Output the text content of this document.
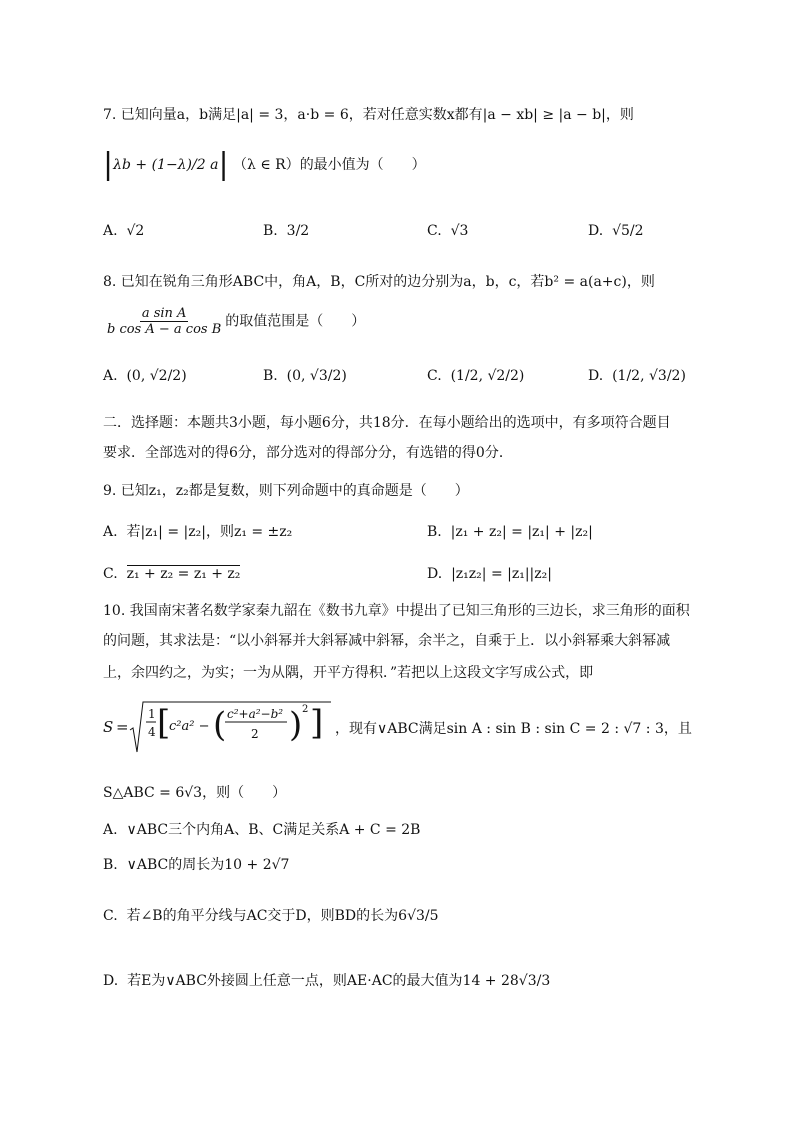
7. 已知向量a，b满足|a| = 3，a·b = 6，若对任意实数x都有|a − xb| ≥ |a − b|，则
|λb + (1−λ)/2 a| （λ ∈ R）的最小值为（　　）
A. √2	B. 3/2	C. √3	D. √5/2
8. 已知在锐角三角形ABC中，角A，B，C所对的边分别为a，b，c，若b² = a(a+c)，则
$\frac{\text{a sin A}}{\text{b cos A − a cos B}}$ 的取值范围是（　　）
A. (0, √2/2)	B. (0, √3/2)	C. (1/2, √2/2)	D. (1/2, √3/2)
二．选择题：本题共3小题，每小题6分，共18分．在每小题给出的选项中，有多项符合题目
要求．全部选对的得6分，部分选对的得部分分，有选错的得0分．
9. 已知z₁，z₂都是复数，则下列命题中的真命题是（　　）
A. 若|z₁| = |z₂|，则z₁ = ±z₂	B. |z₁ + z₂| = |z₁| + |z₂|
C. z₁ + z₂ = z₁ + z₂	D. |z₁z₂| = |z₁||z₂|
10. 我国南宋著名数学家秦九韶在《数书九章》中提出了已知三角形的三边长，求三角形的面积
的问题，其求法是：“以小斜幂并大斜幂减中斜幂，余半之，自乘于上．以小斜幂乘大斜幂减
上，余四约之，为实；一为从隅，开平方得积．”若把以上这段文字写成公式，即
S =
1
4 [
c²a² − ( c²+a²−b²
2 ) 2 ] ，现有∨ABC满足sin A : sin B : sin C = 2 : √7 : 3，且
S△ABC = 6√3，则（　　）
A. ∨ABC三个内角A、B、C满足关系A + C = 2B
B. ∨ABC的周长为10 + 2√7
C. 若∠B的角平分线与AC交于D，则BD的长为6√3/5
D. 若E为∨ABC外接圆上任意一点，则AE·AC的最大值为14 + 28√3/3
